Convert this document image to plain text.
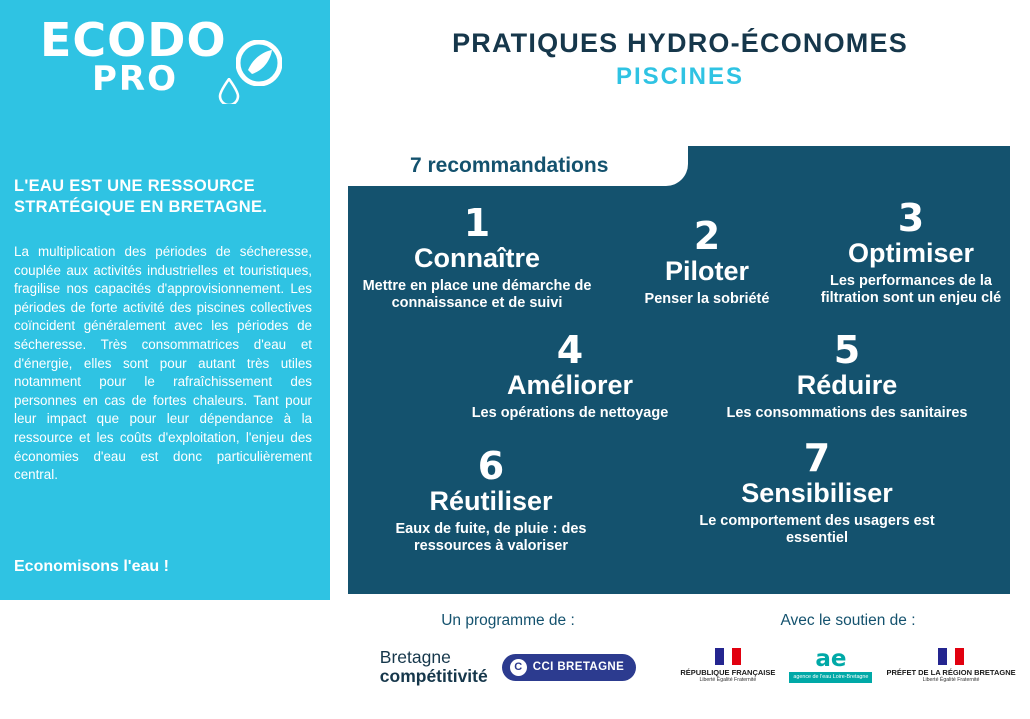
ECODO
PRO
L'EAU EST UNE RESSOURCE STRATÉGIQUE EN BRETAGNE.
La multiplication des périodes de sécheresse, couplée aux activités industrielles et touristiques, fragilise nos capacités d'approvisionnement. Les périodes de forte activité des piscines collectives coïncident généralement avec les périodes de sécheresse. Très consommatrices d'eau et d'énergie, elles sont pour autant très utiles notamment pour le rafraîchissement des personnes en cas de fortes chaleurs. Tant pour leur impact que pour leur dépendance à la ressource et les coûts d'exploitation, l'enjeu des économies d'eau est donc particulièrement central.
Economisons l'eau !
PRATIQUES HYDRO-ÉCONOMES
PISCINES
7 recommandations
1
Connaître
Mettre en place une démarche de connaissance et de suivi
2
Piloter
Penser la sobriété
3
Optimiser
Les performances de la filtration sont un enjeu clé
4
Améliorer
Les opérations de nettoyage
5
Réduire
Les consommations des sanitaires
6
Réutiliser
Eaux de fuite, de pluie : des ressources à valoriser
7
Sensibiliser
Le comportement des usagers est essentiel
Un programme de :
Bretagne
compétitivité	C CCI BRETAGNE
Avec le soutien de :
RÉPUBLIQUE FRANÇAISE
Liberté Égalité Fraternité
ae
agence de l'eau Loire-Bretagne
PRÉFET DE LA RÉGION BRETAGNE
Liberté Égalité Fraternité
